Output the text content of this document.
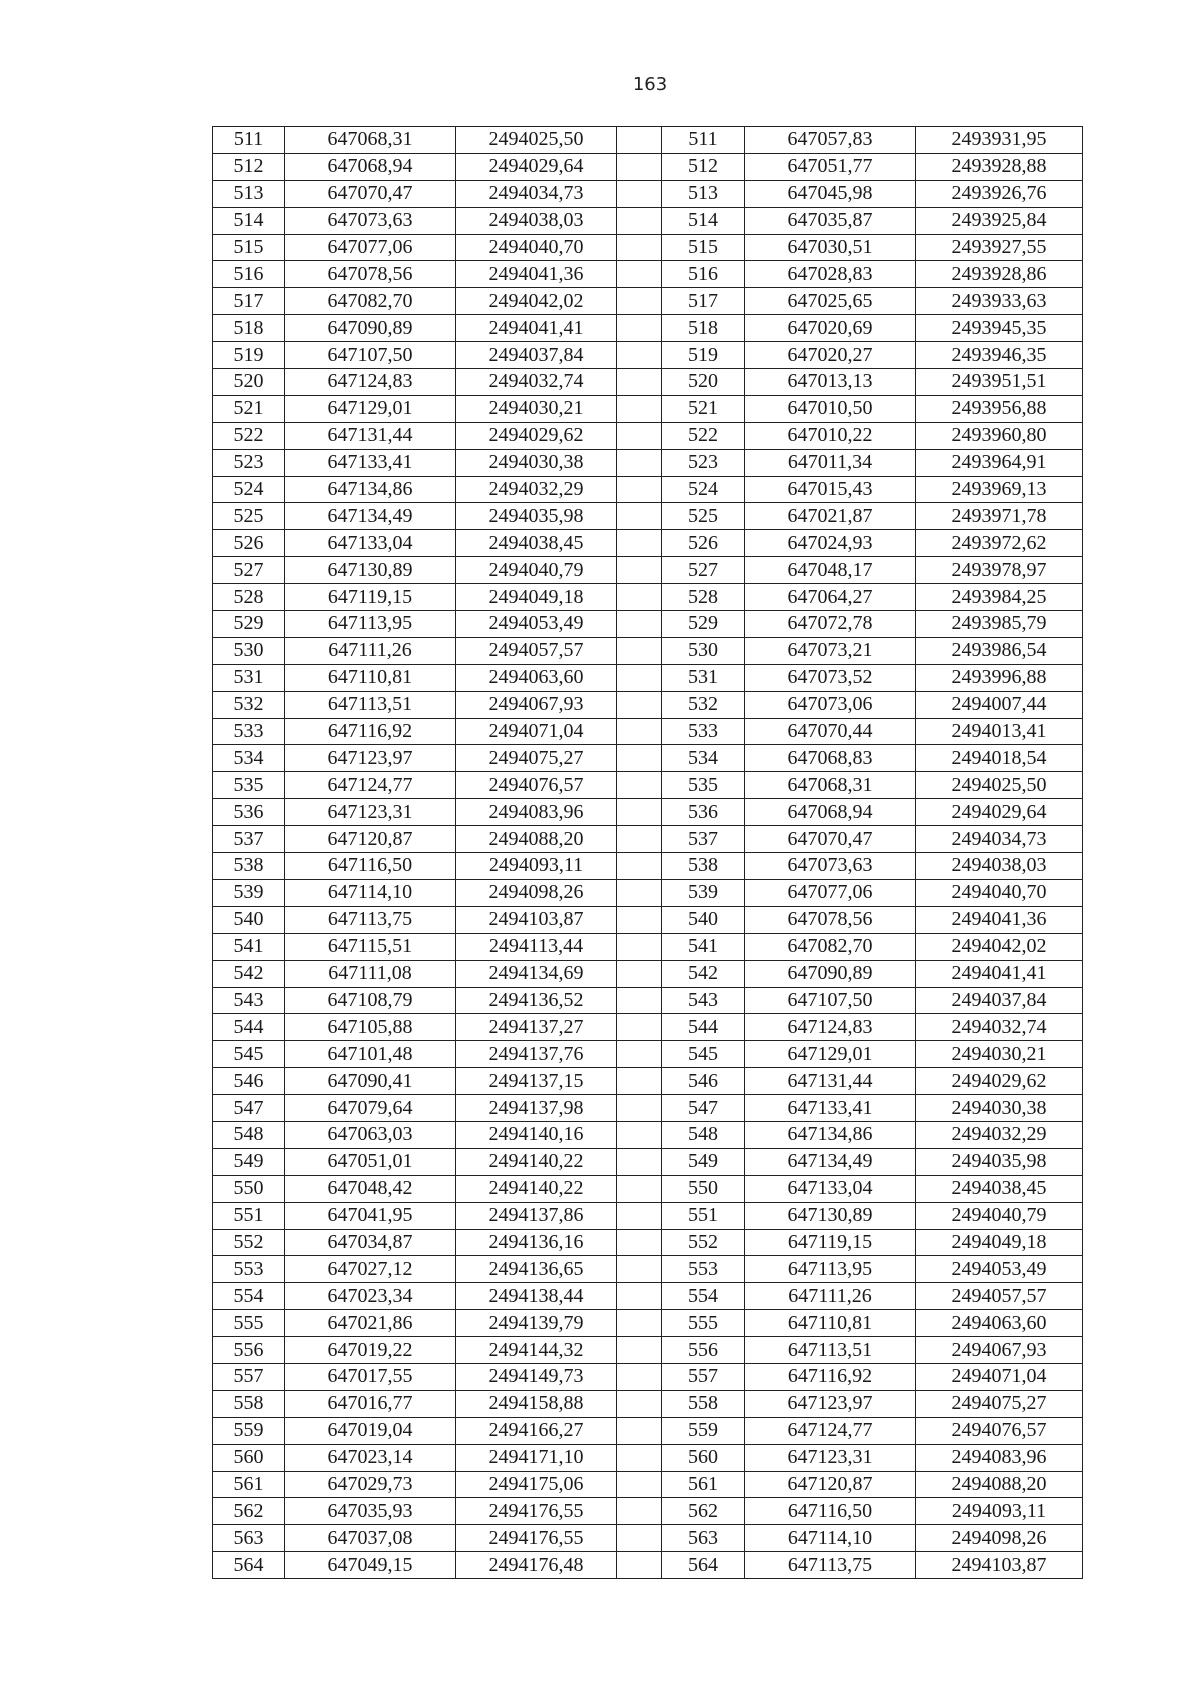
163
511	647068,31	2494025,50		511	647057,83	2493931,95
512	647068,94	2494029,64		512	647051,77	2493928,88
513	647070,47	2494034,73		513	647045,98	2493926,76
514	647073,63	2494038,03		514	647035,87	2493925,84
515	647077,06	2494040,70		515	647030,51	2493927,55
516	647078,56	2494041,36		516	647028,83	2493928,86
517	647082,70	2494042,02		517	647025,65	2493933,63
518	647090,89	2494041,41		518	647020,69	2493945,35
519	647107,50	2494037,84		519	647020,27	2493946,35
520	647124,83	2494032,74		520	647013,13	2493951,51
521	647129,01	2494030,21		521	647010,50	2493956,88
522	647131,44	2494029,62		522	647010,22	2493960,80
523	647133,41	2494030,38		523	647011,34	2493964,91
524	647134,86	2494032,29		524	647015,43	2493969,13
525	647134,49	2494035,98		525	647021,87	2493971,78
526	647133,04	2494038,45		526	647024,93	2493972,62
527	647130,89	2494040,79		527	647048,17	2493978,97
528	647119,15	2494049,18		528	647064,27	2493984,25
529	647113,95	2494053,49		529	647072,78	2493985,79
530	647111,26	2494057,57		530	647073,21	2493986,54
531	647110,81	2494063,60		531	647073,52	2493996,88
532	647113,51	2494067,93		532	647073,06	2494007,44
533	647116,92	2494071,04		533	647070,44	2494013,41
534	647123,97	2494075,27		534	647068,83	2494018,54
535	647124,77	2494076,57		535	647068,31	2494025,50
536	647123,31	2494083,96		536	647068,94	2494029,64
537	647120,87	2494088,20		537	647070,47	2494034,73
538	647116,50	2494093,11		538	647073,63	2494038,03
539	647114,10	2494098,26		539	647077,06	2494040,70
540	647113,75	2494103,87		540	647078,56	2494041,36
541	647115,51	2494113,44		541	647082,70	2494042,02
542	647111,08	2494134,69		542	647090,89	2494041,41
543	647108,79	2494136,52		543	647107,50	2494037,84
544	647105,88	2494137,27		544	647124,83	2494032,74
545	647101,48	2494137,76		545	647129,01	2494030,21
546	647090,41	2494137,15		546	647131,44	2494029,62
547	647079,64	2494137,98		547	647133,41	2494030,38
548	647063,03	2494140,16		548	647134,86	2494032,29
549	647051,01	2494140,22		549	647134,49	2494035,98
550	647048,42	2494140,22		550	647133,04	2494038,45
551	647041,95	2494137,86		551	647130,89	2494040,79
552	647034,87	2494136,16		552	647119,15	2494049,18
553	647027,12	2494136,65		553	647113,95	2494053,49
554	647023,34	2494138,44		554	647111,26	2494057,57
555	647021,86	2494139,79		555	647110,81	2494063,60
556	647019,22	2494144,32		556	647113,51	2494067,93
557	647017,55	2494149,73		557	647116,92	2494071,04
558	647016,77	2494158,88		558	647123,97	2494075,27
559	647019,04	2494166,27		559	647124,77	2494076,57
560	647023,14	2494171,10		560	647123,31	2494083,96
561	647029,73	2494175,06		561	647120,87	2494088,20
562	647035,93	2494176,55		562	647116,50	2494093,11
563	647037,08	2494176,55		563	647114,10	2494098,26
564	647049,15	2494176,48		564	647113,75	2494103,87
